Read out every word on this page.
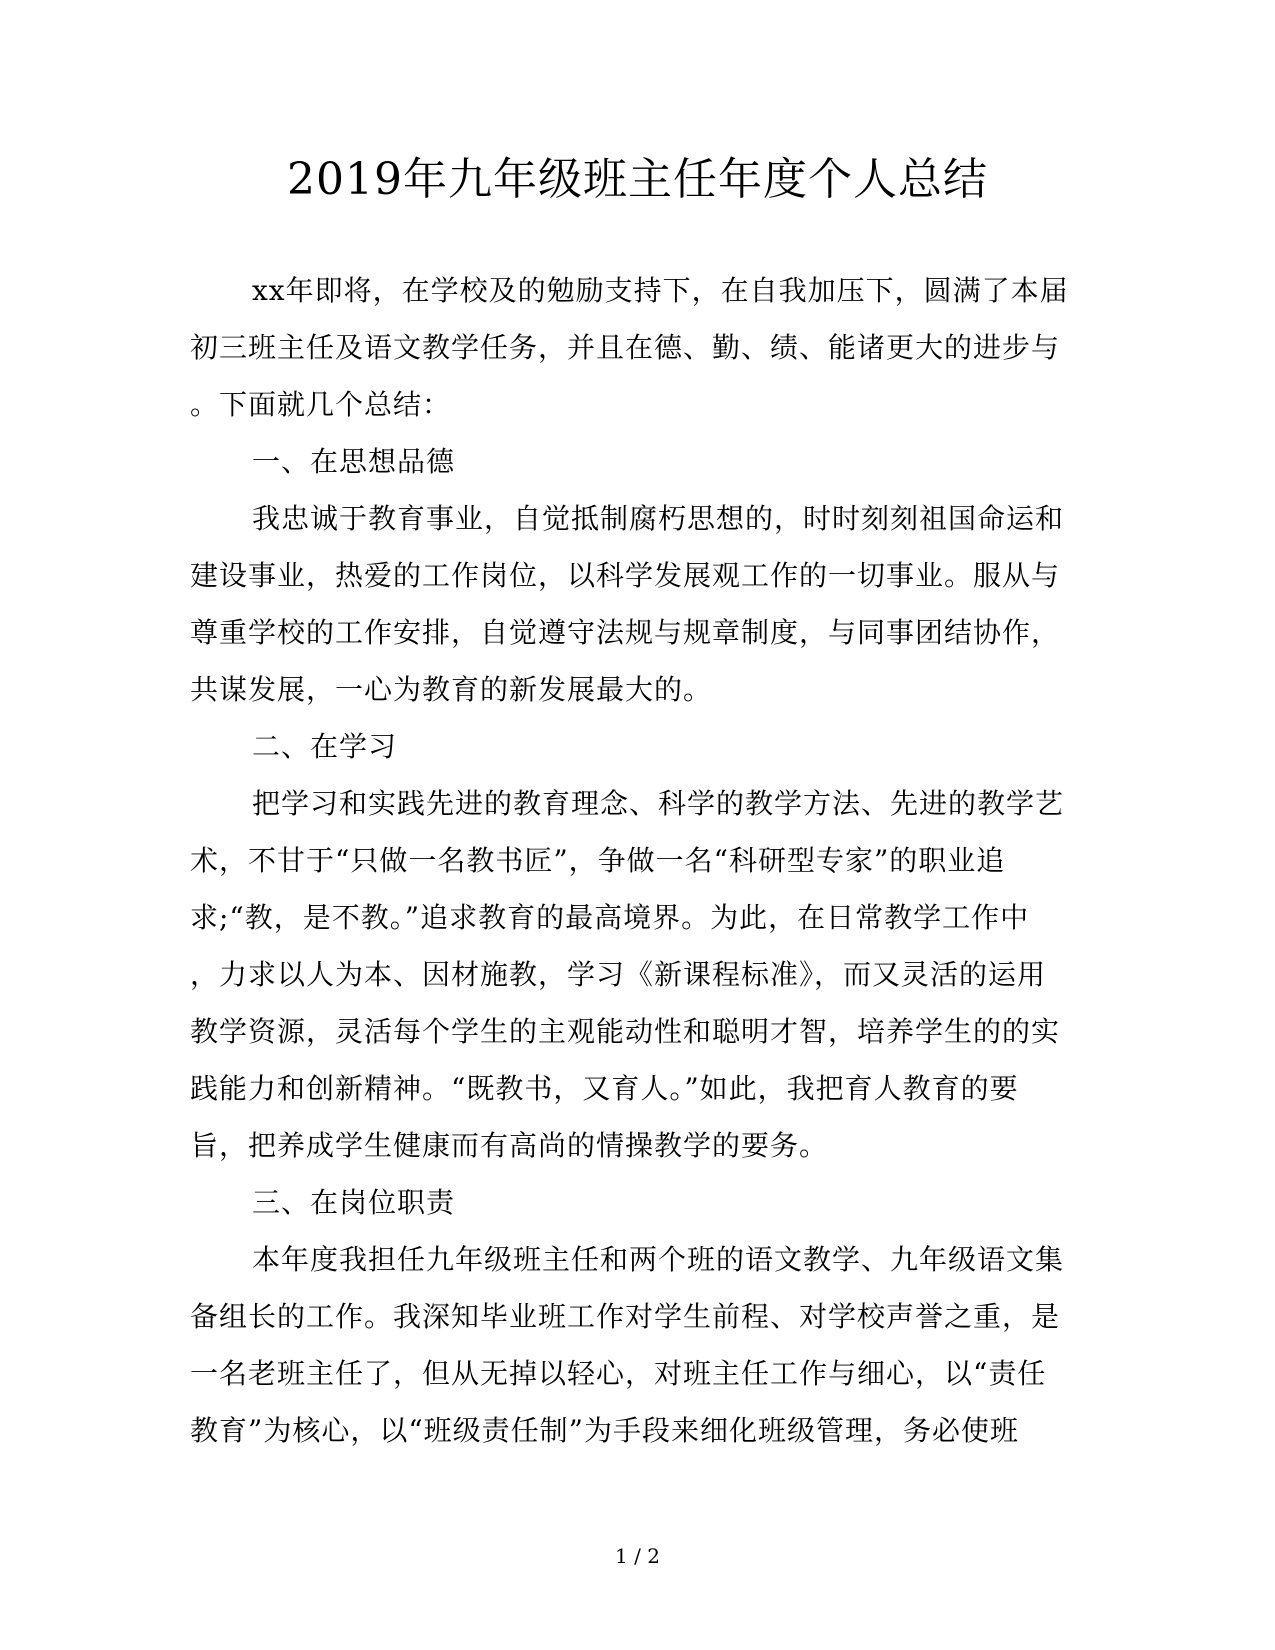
2019年九年级班主任年度个人总结
xx年即将，在学校及的勉励支持下，在自我加压下，圆满了本届
初三班主任及语文教学任务，并且在德、勤、绩、能诸更大的进步与
。下面就几个总结：
一、在思想品德
我忠诚于教育事业，自觉抵制腐朽思想的，时时刻刻祖国命运和
建设事业，热爱的工作岗位，以科学发展观工作的一切事业。服从与
尊重学校的工作安排，自觉遵守法规与规章制度，与同事团结协作，
共谋发展，一心为教育的新发展最大的。
二、在学习
把学习和实践先进的教育理念、科学的教学方法、先进的教学艺
术，不甘于“只做一名教书匠”，争做一名“科研型专家”的职业追
求;“教，是不教。”追求教育的最高境界。为此，在日常教学工作中
，力求以人为本、因材施教，学习《新课程标准》，而又灵活的运用
教学资源，灵活每个学生的主观能动性和聪明才智，培养学生的的实
践能力和创新精神。“既教书，又育人。”如此，我把育人教育的要
旨，把养成学生健康而有高尚的情操教学的要务。
三、在岗位职责
本年度我担任九年级班主任和两个班的语文教学、九年级语文集
备组长的工作。我深知毕业班工作对学生前程、对学校声誉之重，是
一名老班主任了，但从无掉以轻心，对班主任工作与细心，以“责任
教育”为核心，以“班级责任制”为手段来细化班级管理，务必使班
1 / 2
